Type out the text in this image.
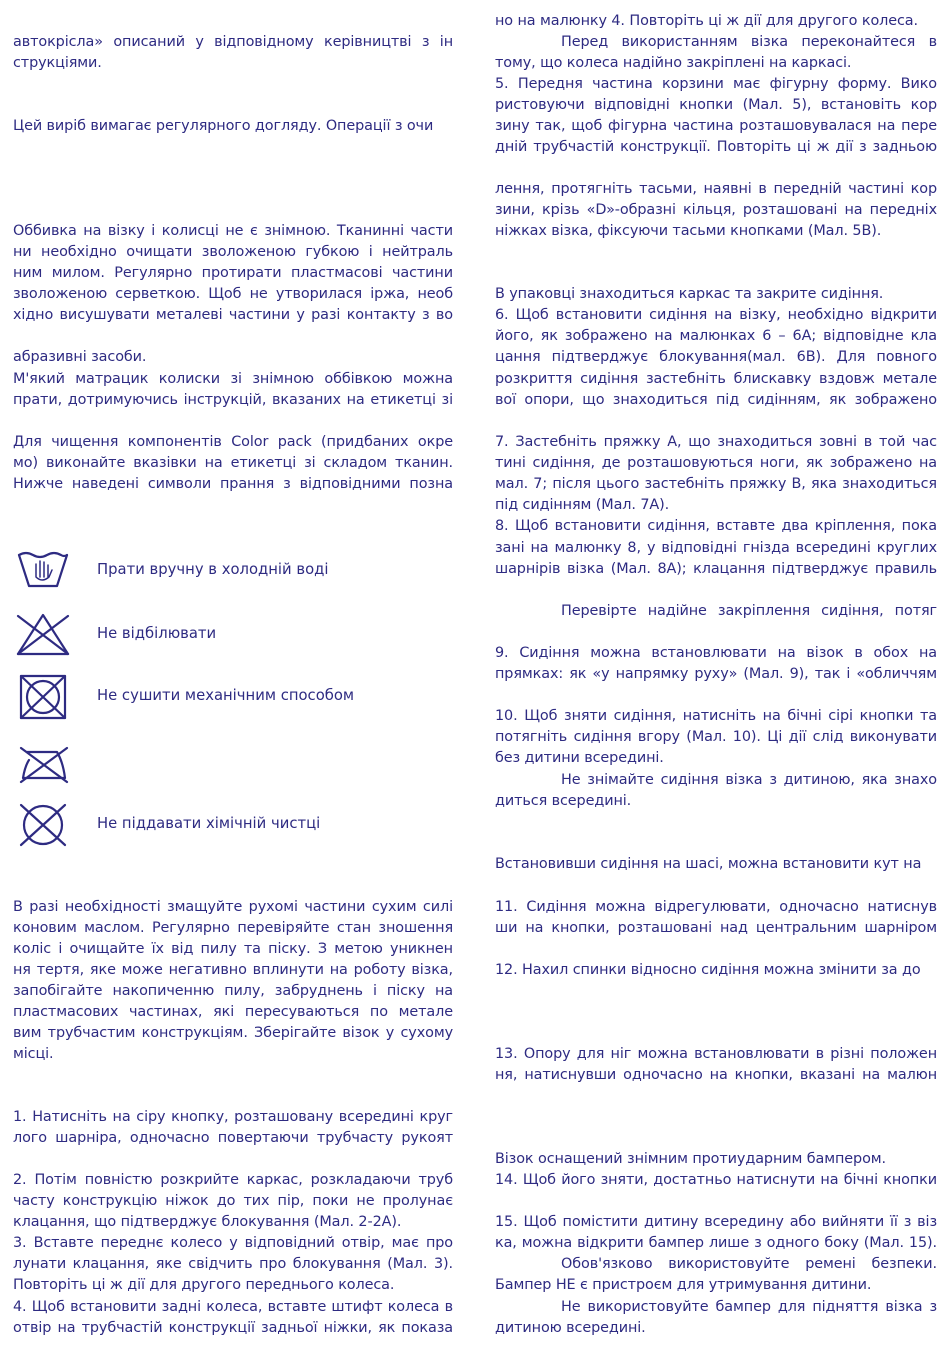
автокрісла» описаний у відповідному керівництві з ін
струкціями.
Цей виріб вимагає регулярного догляду. Операції з очи
Оббивка на візку і колисці не є знімною. Тканинні части
ни необхідно очищати зволоженою губкою і нейтраль
ним милом. Регулярно протирати пластмасові частини
зволоженою серветкою. Щоб не утворилася іржа, необ
хідно висушувати металеві частини у разі контакту з во
абразивні засоби.
М'який матрацик колиски зі знімною оббівкою можна
прати, дотримуючись інструкцій, вказаних на етикетці зі
Для чищення компонентів Color pack (придбаних окре
мо) виконайте вказівки на етикетці зі складом тканин.
Нижче наведені символи прання з відповідними позна
В разі необхідності змащуйте рухомі частини сухим силі
коновим маслом. Регулярно перевіряйте стан зношення
коліс і очищайте їх від пилу та піску. З метою уникнен
ня тертя, яке може негативно вплинути на роботу візка,
запобігайте накопиченню пилу, забруднень і піску на
пластмасових частинах, які пересуваються по метале
вим трубчастим конструкціям. Зберігайте візок у сухому
місці.
1. Натисніть на сіру кнопку, розташовану всередині круг
лого шарніра, одночасно повертаючи трубчасту рукоят
2. Потім повністю розкрийте каркас, розкладаючи труб
часту конструкцію ніжок до тих пір, поки не пролунає
клацання, що підтверджує блокування (Мал. 2-2А).
3. Вставте переднє колесо у відповідний отвір, має про
лунати клацання, яке свідчить про блокування (Мал. 3).
Повторіть ці ж дії для другого переднього колеса.
4. Щоб встановити задні колеса, вставте штифт колеса в
отвір на трубчастій конструкції задньої ніжки, як показа
Прати вручну в холодній воді
Не відбілювати
Не сушити механічним способом
Не піддавати хімічній чистці
но на малюнку 4. Повторіть ці ж дії для другого колеса.
Перед використанням візка переконайтеся в
тому, що колеса надійно закріплені на каркасі.
5. Передня частина корзини має фігурну форму. Вико
ристовуючи відповідні кнопки (Мал. 5), встановіть кор
зину так, щоб фігурна частина розташовувалася на пере
дній трубчастій конструкції. Повторіть ці ж дії з задньою
лення, протягніть тасьми, наявні в передній частині кор
зини, крізь «D»-образні кільця, розташовані на передніх
ніжках візка, фіксуючи тасьми кнопками (Мал. 5В).
В упаковці знаходиться каркас та закрите сидіння.
6. Щоб встановити сидіння на візку, необхідно відкрити
його, як зображено на малюнках 6 – 6А; відповідне кла
цання підтверджує блокування(мал. 6В). Для повного
розкриття сидіння застебніть блискавку вздовж метале
вої опори, що знаходиться під сидінням, як зображено
7. Застебніть пряжку А, що знаходиться зовні в той час
тині сидіння, де розташовуються ноги, як зображено на
мал. 7; після цього застебніть пряжку В, яка знаходиться
під сидінням (Мал. 7А).
8. Щоб встановити сидіння, вставте два кріплення, пока
зані на малюнку 8, у відповідні гнізда всередині круглих
шарнірів візка (Мал. 8А); клацання підтверджує правиль
Перевірте надійне закріплення сидіння, потяг
9. Сидіння можна встановлювати на візок в обох на
прямках: як «у напрямку руху» (Мал. 9), так і «обличчям
10. Щоб зняти сидіння, натисніть на бічні сірі кнопки та
потягніть сидіння вгору (Мал. 10). Ці дії слід виконувати
без дитини всередині.
Не знімайте сидіння візка з дитиною, яка знахо
диться всередині.
Встановивши сидіння на шасі, можна встановити кут на
11. Сидіння можна відрегулювати, одночасно натиснув
ши на кнопки, розташовані над центральним шарніром
12. Нахил спинки відносно сидіння можна змінити за до
13. Опору для ніг можна встановлювати в різні положен
ня, натиснувши одночасно на кнопки, вказані на малюн
Візок оснащений знімним протиударним бампером.
14. Щоб його зняти, достатньо натиснути на бічні кнопки
15. Щоб помістити дитину всередину або вийняти її з віз
ка, можна відкрити бампер лише з одного боку (Мал. 15).
Обов'язково використовуйте ремені безпеки.
Бампер НЕ є пристроєм для утримування дитини.
Не використовуйте бампер для підняття візка з
дитиною всередині.
